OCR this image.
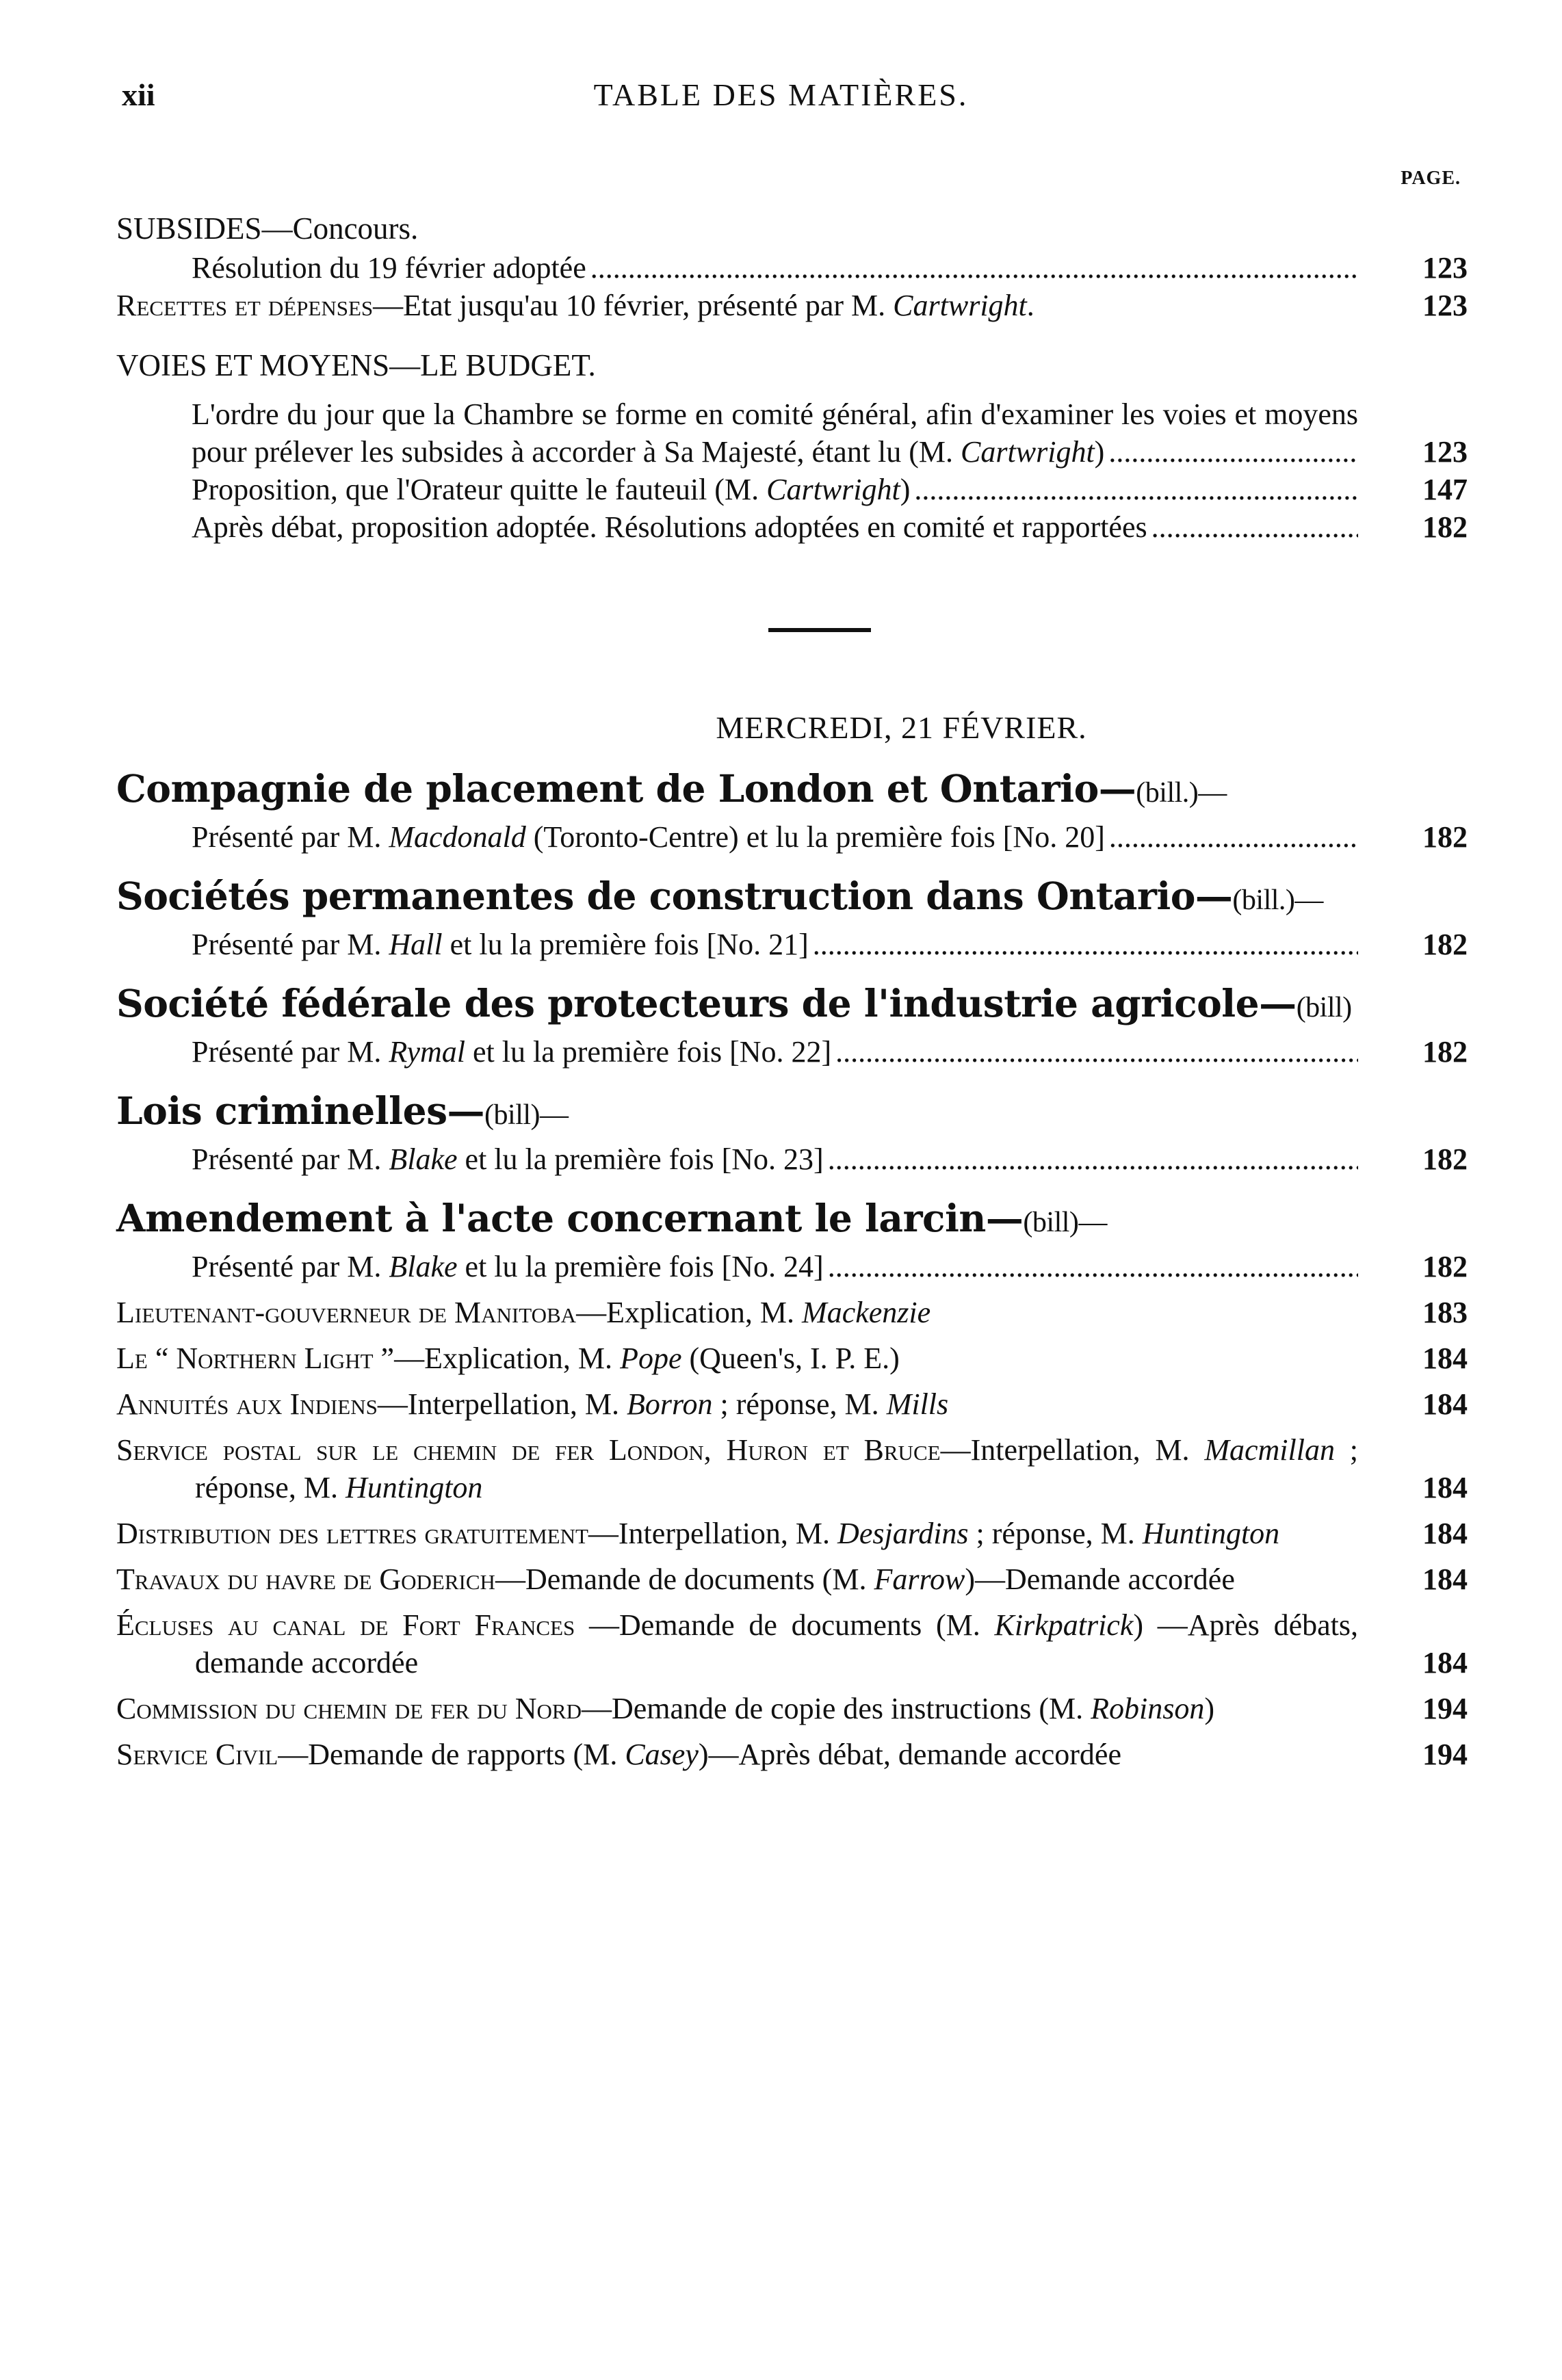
xii	TABLE DES MATIÈRES.
PAGE.
SUBSIDES—Concours.
Résolution du 19 février adoptée	123
Recettes et dépenses—Etat jusqu'au 10 février, présenté par M. Cartwright.	123
VOIES ET MOYENS—LE BUDGET.
L'ordre du jour que la Chambre se forme en comité général, afin d'examiner les voies et moyens pour prélever les subsides à accorder à Sa Majesté, étant lu (M. Cartwright)	123
Proposition, que l'Orateur quitte le fauteuil (M. Cartwright)	147
Après débat, proposition adoptée. Résolutions adoptées en comité et rapportées	182
MERCREDI, 21 FÉVRIER.
Compagnie de placement de London et Ontario—(bill.)—
Présenté par M. Macdonald (Toronto-Centre) et lu la première fois [No. 20]	182
Sociétés permanentes de construction dans Ontario—(bill.)—
Présenté par M. Hall et lu la première fois [No. 21]	182
Société fédérale des protecteurs de l'industrie agricole—(bill)
Présenté par M. Rymal et lu la première fois [No. 22]	182
Lois criminelles—(bill)—
Présenté par M. Blake et lu la première fois [No. 23]	182
Amendement à l'acte concernant le larcin—(bill)—
Présenté par M. Blake et lu la première fois [No. 24]	182
Lieutenant-gouverneur de Manitoba—Explication, M. Mackenzie	183
Le “ Northern Light ”—Explication, M. Pope (Queen's, I. P. E.)	184
Annuités aux Indiens—Interpellation, M. Borron ; réponse, M. Mills	184
Service postal sur le chemin de fer London, Huron et Bruce—Interpellation, M. Macmillan ; réponse, M. Huntington	184
Distribution des lettres gratuitement—Interpellation, M. Desjardins ; réponse, M. Huntington	184
Travaux du havre de Goderich—Demande de documents (M. Farrow)—Demande accordée	184
Écluses au canal de Fort Frances —Demande de documents (M. Kirkpatrick) —Après débats, demande accordée	184
Commission du chemin de fer du Nord—Demande de copie des instructions (M. Robinson)	194
Service Civil—Demande de rapports (M. Casey)—Après débat, demande accordée	194
